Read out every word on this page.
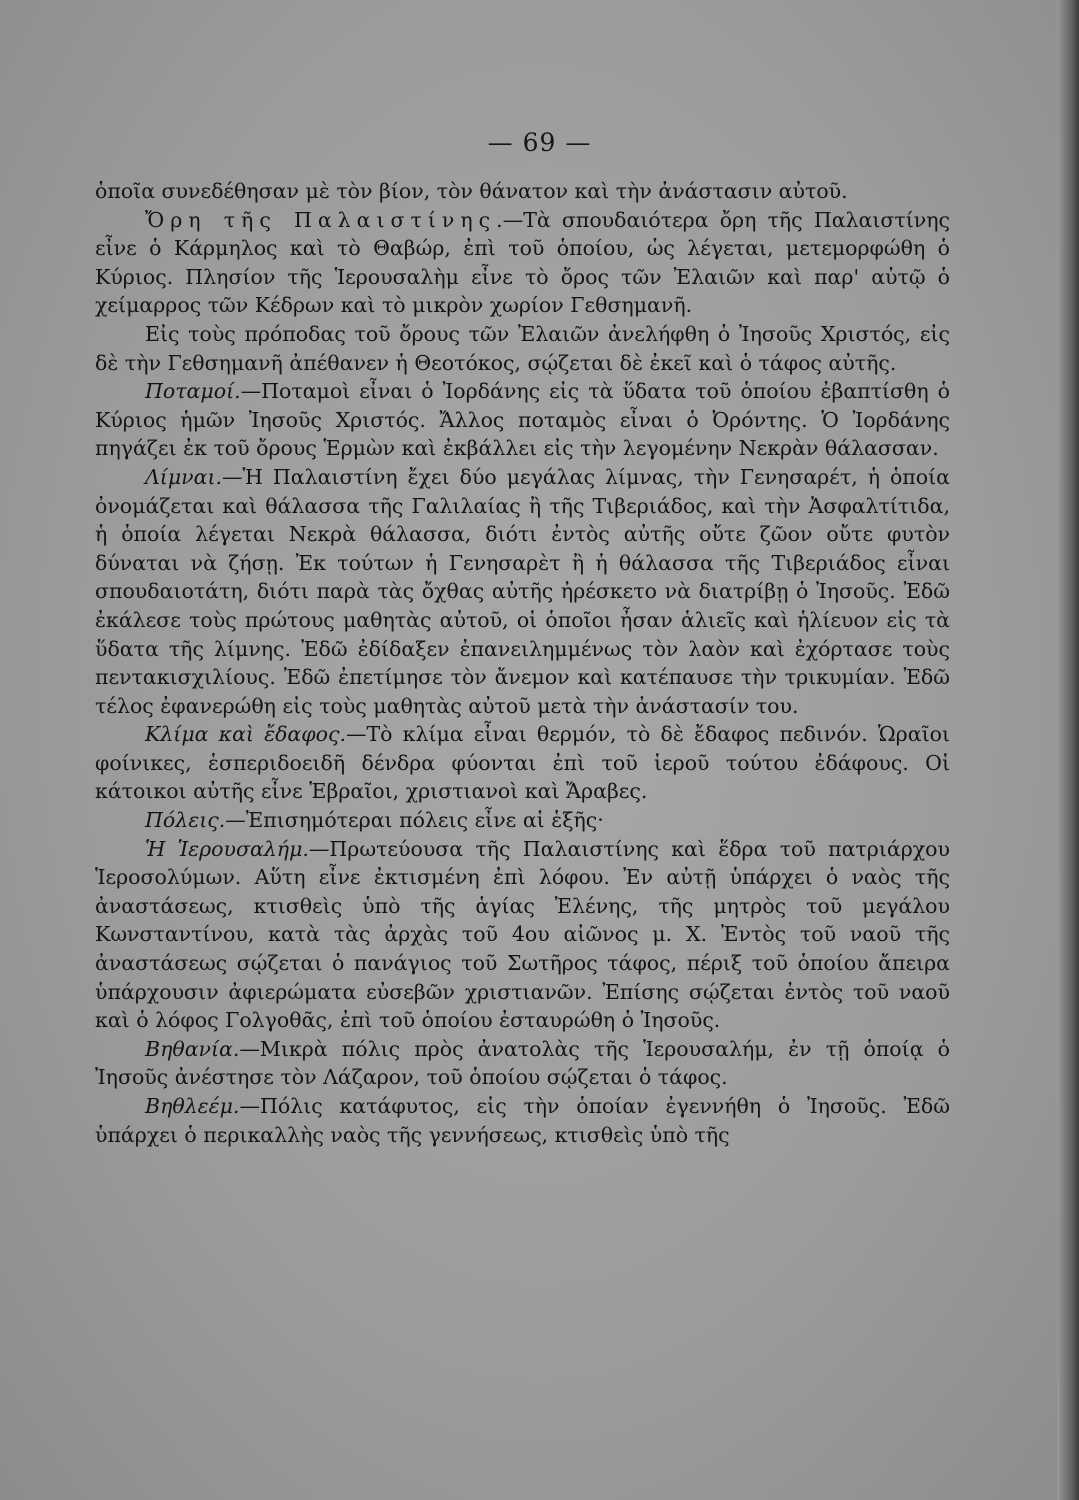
— 69 —

ὁποῖα συνεδέθησαν μὲ τὸν βίον, τὸν θάνατον καὶ τὴν ἀνάστασιν αὐτοῦ.

Ὄρη τῆς Παλαιστίνης.—Τὰ σπουδαιότερα ὄρη τῆς Παλαιστίνης εἶνε ὁ Κάρμηλος καὶ τὸ Θαβώρ, ἐπὶ τοῦ ὁποίου, ὡς λέγεται, μετεμορφώθη ὁ Κύριος. Πλησίον τῆς Ἱερουσαλὴμ εἶνε τὸ ὄρος τῶν Ἐλαιῶν καὶ παρ' αὐτῷ ὁ χείμαρρος τῶν Κέδρων καὶ τὸ μικρὸν χωρίον Γεθσημανῆ.

Εἰς τοὺς πρόποδας τοῦ ὄρους τῶν Ἐλαιῶν ἀνελήφθη ὁ Ἰησοῦς Χριστός, εἰς δὲ τὴν Γεθσημανῆ ἀπέθανεν ἡ Θεοτόκος, σῴζεται δὲ ἐκεῖ καὶ ὁ τάφος αὐτῆς.

Ποταμοί.—Ποταμοὶ εἶναι ὁ Ἰορδάνης εἰς τὰ ὕδατα τοῦ ὁποίου ἐβαπτίσθη ὁ Κύριος ἡμῶν Ἰησοῦς Χριστός. Ἄλλος ποταμὸς εἶναι ὁ Ὀρόντης. Ὁ Ἰορδάνης πηγάζει ἐκ τοῦ ὄρους Ἑρμὼν καὶ ἐκβάλλει εἰς τὴν λεγομένην Νεκρὰν θάλασσαν.

Λίμναι.—Ἡ Παλαιστίνη ἔχει δύο μεγάλας λίμνας, τὴν Γενησαρέτ, ἡ ὁποία ὀνομάζεται καὶ θάλασσα τῆς Γαλιλαίας ἢ τῆς Τιβεριάδος, καὶ τὴν Ἀσφαλτίτιδα, ἡ ὁποία λέγεται Νεκρὰ θάλασσα, διότι ἐντὸς αὐτῆς οὔτε ζῶον οὔτε φυτὸν δύναται νὰ ζήσῃ. Ἐκ τούτων ἡ Γενησαρὲτ ἢ ἡ θάλασσα τῆς Τιβεριάδος εἶναι σπουδαιοτάτη, διότι παρὰ τὰς ὄχθας αὐτῆς ἠρέσκετο νὰ διατρίβῃ ὁ Ἰησοῦς. Ἐδῶ ἐκάλεσε τοὺς πρώτους μαθητὰς αὐτοῦ, οἱ ὁποῖοι ἦσαν ἁλιεῖς καὶ ἡλίευον εἰς τὰ ὕδατα τῆς λίμνης. Ἐδῶ ἐδίδαξεν ἐπανειλημμένως τὸν λαὸν καὶ ἐχόρτασε τοὺς πεντακισχιλίους. Ἐδῶ ἐπετίμησε τὸν ἄνεμον καὶ κατέπαυσε τὴν τρικυμίαν. Ἐδῶ τέλος ἐφανερώθη εἰς τοὺς μαθητὰς αὐτοῦ μετὰ τὴν ἀνάστασίν του.

Κλίμα καὶ ἔδαφος.—Τὸ κλίμα εἶναι θερμόν, τὸ δὲ ἔδαφος πεδινόν. Ὡραῖοι φοίνικες, ἑσπεριδοειδῆ δένδρα φύονται ἐπὶ τοῦ ἱεροῦ τούτου ἐδάφους. Οἱ κάτοικοι αὐτῆς εἶνε Ἑβραῖοι, χριστιανοὶ καὶ Ἄραβες.

Πόλεις.—Ἐπισημότεραι πόλεις εἶνε αἱ ἑξῆς·

Ἡ Ἱερουσαλήμ.—Πρωτεύουσα τῆς Παλαιστίνης καὶ ἕδρα τοῦ πατριάρχου Ἱεροσολύμων. Αὕτη εἶνε ἐκτισμένη ἐπὶ λόφου. Ἐν αὐτῇ ὑπάρχει ὁ ναὸς τῆς ἀναστάσεως, κτισθεὶς ὑπὸ τῆς ἁγίας Ἑλένης, τῆς μητρὸς τοῦ μεγάλου Κωνσταντίνου, κατὰ τὰς ἀρχὰς τοῦ 4ου αἰῶνος μ. Χ. Ἐντὸς τοῦ ναοῦ τῆς ἀναστάσεως σῴζεται ὁ πανάγιος τοῦ Σωτῆρος τάφος, πέριξ τοῦ ὁποίου ἄπειρα ὑπάρχουσιν ἀφιερώματα εὐσεβῶν χριστιανῶν. Ἐπίσης σῴζεται ἐντὸς τοῦ ναοῦ καὶ ὁ λόφος Γολγοθᾶς, ἐπὶ τοῦ ὁποίου ἐσταυρώθη ὁ Ἰησοῦς.

Βηθανία.—Μικρὰ πόλις πρὸς ἀνατολὰς τῆς Ἱερουσαλήμ, ἐν τῇ ὁποίᾳ ὁ Ἰησοῦς ἀνέστησε τὸν Λάζαρον, τοῦ ὁποίου σῴζεται ὁ τάφος.

Βηθλεέμ.—Πόλις κατάφυτος, εἰς τὴν ὁποίαν ἐγεννήθη ὁ Ἰησοῦς. Ἐδῶ ὑπάρχει ὁ περικαλλὴς ναὸς τῆς γεννήσεως, κτισθεὶς ὑπὸ τῆς
